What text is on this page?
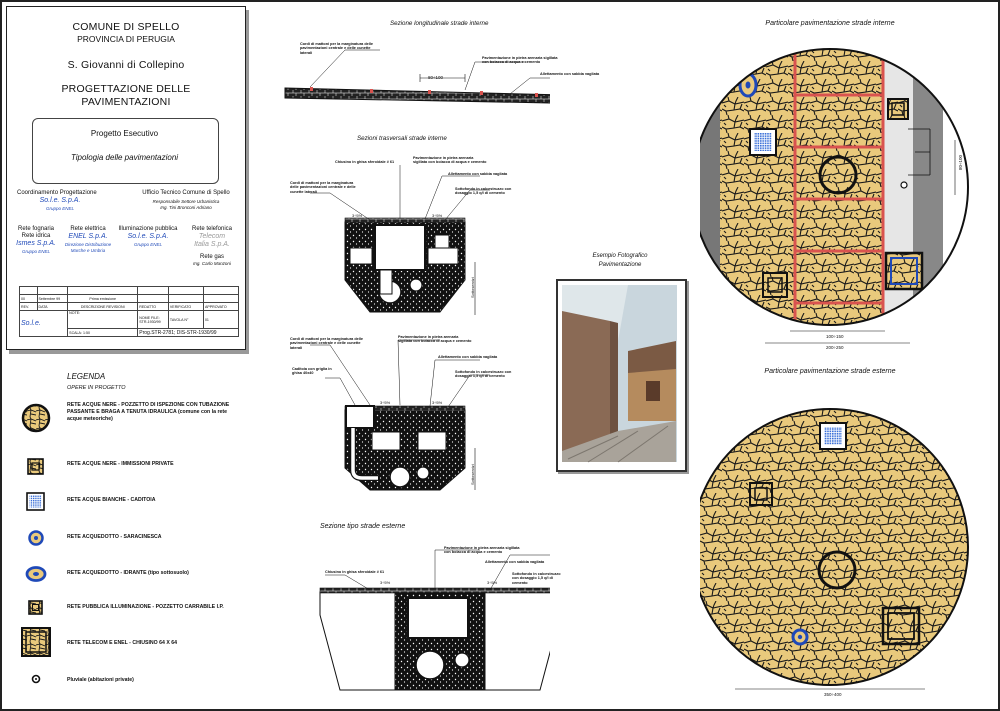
COMUNE DI SPELLO
PROVINCIA DI PERUGIA
S. Giovanni di Collepino
PROGETTAZIONE DELLE
PAVIMENTAZIONI
Progetto Esecutivo
Tipologia delle pavimentazioni
Coordinamento Progettazione
So.l.e. S.p.A.
Gruppo ENEL
Ufficio Tecnico Comune di Spello
Responsabile Settore Urbanistica
Ing. Tini Bronconi Adriano
Rete fognaria
Rete idrica
Ismes S.p.A.
Gruppo ENEL
Rete elettrica
ENEL S.p.A.
Direzione Distribuzione
Marche e Umbria
Illuminazione pubblica
So.l.e. S.p.A.
Gruppo ENEL
Rete telefonica
Telecom
Italia S.p.A.
Rete gas
Ing. Carlo Manzoni

00	Settembre 99	Prima emissione			
REV.	DATA	DESCRIZIONE REVISIONI	REDATTO	VERIFICATO	APPROVATO
So.l.e.		NOTE:	NOME FILE:
STR-1930/99	TAVOLA N°	01
		SCALA: 1:50	Prog.STR-2781; DIS-STR-1930/99		
LEGENDA
OPERE IN PROGETTO
RETE ACQUE NERE - POZZETTO DI ISPEZIONE CON TUBAZIONE PASSANTE E BRAGA A TENUTA IDRAULICA (comune con la rete acque meteoriche)
RETE ACQUE NERE - IMMISSIONI PRIVATE
RETE ACQUE BIANCHE - CADITOIA
RETE ACQUEDOTTO - SARACINESCA
RETE ACQUEDOTTO - IDRANTE (tipo sottosuolo)
RETE PUBBLICA ILLUMINAZIONE - POZZETTO CARRABILE I.P.
RETE TELECOM E ENEL - CHIUSINO 64 X 64
Pluviale (abitazioni private)
Sezione longitudinale strade interne
Sezioni trasversali strade interne
Sezione tipo strade esterne
Cordi di mattoni per la marginatura delle pavimentazioni centrale e delle cunette laterali
Pavimentazione in pietra arenaria sigillata con boiacca di acqua e cemento
Allettamento con sabbia vagliata
80÷100
Chiusino in ghisa sferoidale # 61
Pavimentazione in pietra arenaria sigillata con boiacca di acqua e cemento
Allettamento con sabbia vagliata
Cordi di mattoni per la marginatura delle pavimentazioni centrale e delle cunette laterali
Sottofondo in calcestruzzo con dosaggio 1,5 q/l di cemento
Cordi di mattoni per la marginatura delle pavimentazioni centrale e delle cunette laterali
Pavimentazione in pietra arenaria sigillata con boiacca di acqua e cemento
Caditoia con griglia in ghisa 40x40
Allettamento con sabbia vagliata
Sottofondo in calcestruzzo con dosaggio 1,5 q/l di cemento
Chiusino in ghisa sferoidale # 61
Pavimentazione in pietra arenaria sigillata con boiacca di acqua e cemento
Allettamento con sabbia vagliata
Sottofondo in calcestruzzo con dosaggio 1,5 q/l di cemento
Sottoservizi
Sottoservizi
3÷5%	3÷5%
3÷5%	3÷5%
3÷5%	3÷5%
Esempio Fotografico
Pavimentazione
Particolare pavimentazione strade interne
Particolare pavimentazione strade esterne
100÷150
200÷250
80÷100
350÷400
